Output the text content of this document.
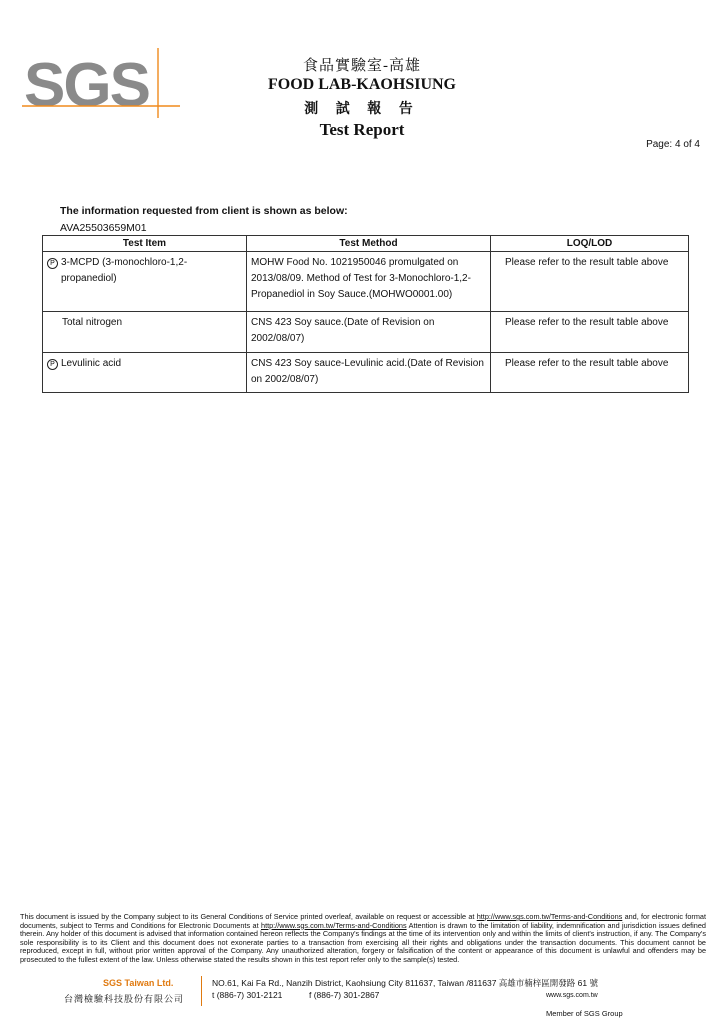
SGS	食品實驗室-高雄
FOOD LAB-KAOHSIUNG
測 試 報 告
Test Report
Page: 4 of 4
The information requested from client is shown as below:
AVA25503659M01
Test Item	Test Method	LOQ/LOD
P 3-MCPD (3-monochloro-1,2-propanediol)	MOHW Food No. 1021950046 promulgated on 2013/08/09. Method of Test for 3-Monochloro-1,2-Propanediol in Soy Sauce.(MOHWO0001.00)	Please refer to the result table above
Total nitrogen	CNS 423 Soy sauce.(Date of Revision on 2002/08/07)	Please refer to the result table above
P Levulinic acid	CNS 423 Soy sauce-Levulinic acid.(Date of Revision on 2002/08/07)	Please refer to the result table above
This document is issued by the Company subject to its General Conditions of Service printed overleaf, available on request or accessible at http://www.sgs.com.tw/Terms-and-Conditions and, for electronic format documents, subject to Terms and Conditions for Electronic Documents at http://www.sgs.com.tw/Terms-and-Conditions Attention is drawn to the limitation of liability, indemnification and jurisdiction issues defined therein. Any holder of this document is advised that information contained hereon reflects the Company's findings at the time of its intervention only and within the limits of client's instruction, if any. The Company's sole responsibility is to its Client and this document does not exonerate parties to a transaction from exercising all their rights and obligations under the transaction documents. This document cannot be reproduced, except in full, without prior written approval of the Company. Any unauthorized alteration, forgery or falsification of the content or appearance of this document is unlawful and offenders may be prosecuted to the fullest extent of the law. Unless otherwise stated the results shown in this test report refer only to the sample(s) tested.
SGS Taiwan Ltd.
台灣檢驗科技股份有限公司
NO.61, Kai Fa Rd., Nanzih District, Kaohsiung City 811637, Taiwan /811637 高雄市楠梓區開發路 61 號
t (886-7) 301-2121	f (886-7) 301-2867	www.sgs.com.tw
Member of SGS Group
